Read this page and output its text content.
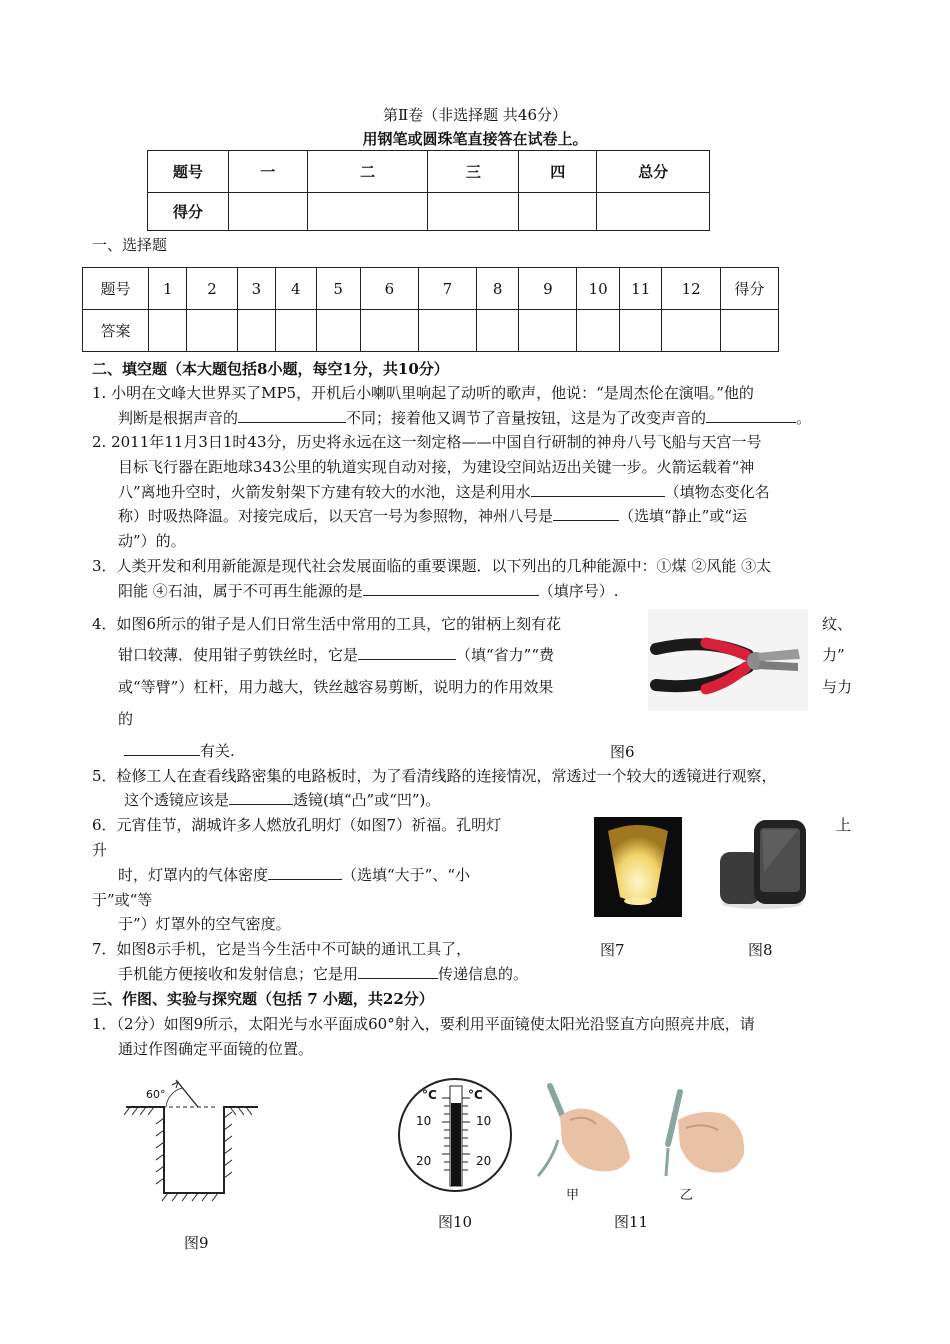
第Ⅱ卷（非选择题 共46分）
用钢笔或圆珠笔直接答在试卷上。
题号	一	二	三	四	总分
得分					
一、选择题
题号	1	2	3	4	5	6	7	8	9	10	11	12	得分
答案													
二、填空题（本大题包括8小题，每空1分，共10分）
1. 小明在文峰大世界买了MP5，开机后小喇叭里响起了动听的歌声，他说：“是周杰伦在演唱。”他的
判断是根据声音的	不同；接着他又调节了音量按钮，这是为了改变声音的	。
2. 2011年11月3日1时43分，历史将永远在这一刻定格——中国自行研制的神舟八号飞船与天宫一号
目标飞行器在距地球343公里的轨道实现自动对接，为建设空间站迈出关键一步。火箭运载着“神
八”离地升空时，火箭发射架下方建有较大的水池，这是利用水	（填物态变化名
称）时吸热降温。对接完成后，以天宫一号为参照物，神州八号是	（选填“静止”或“运
动”）的。
3．人类开发和利用新能源是现代社会发展面临的重要课题．以下列出的几种能源中：①煤 ②风能 ③太
阳能 ④石油，属于不可再生能源的是	（填序号）.
4．如图6所示的钳子是人们日常生活中常用的工具，它的钳柄上刻有花	纹、
钳口较薄．使用钳子剪铁丝时，它是	（填“省力”“费	力”
或“等臂”）杠杆，用力越大，铁丝越容易剪断，说明力的作用效果	与力
的
有关.	图6
5．检修工人在查看线路密集的电路板时，为了看清线路的连接情况，常透过一个较大的透镜进行观察，
这个透镜应该是	透镜(填“凸”或“凹”)。
6．元宵佳节，湖城许多人燃放孔明灯（如图7）祈福。孔明灯	上
升
时，灯罩内的气体密度	（选填“大于”、“小
于”或“等
于”）灯罩外的空气密度。
7．如图8示手机，它是当今生活中不可缺的通讯工具了，	图7	图8
手机能方便接收和发射信息；它是用	传递信息的。
三、作图、实验与探究题（包括 7 小题，共22分）
1．（2分）如图9所示，太阳光与水平面成60°射入，要利用平面镜使太阳光沿竖直方向照亮井底，请
通过作图确定平面镜的位置。
60°
图9
°C	°C
10	10
20	20
图10
甲	乙
图11
